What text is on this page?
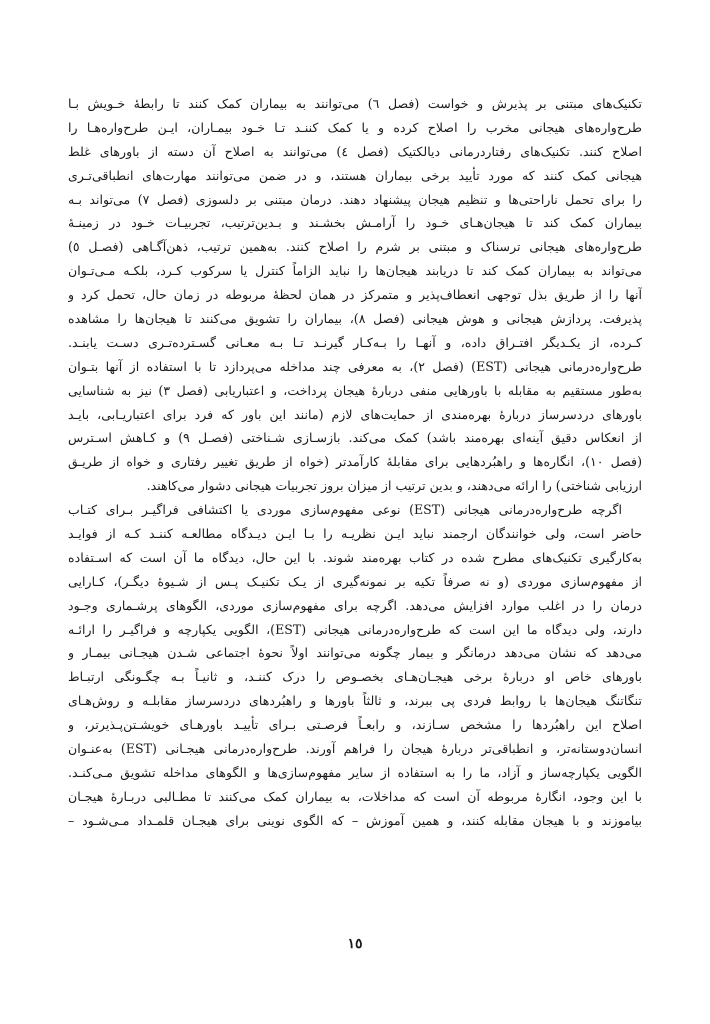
تکنیک‌های مبتنی بر پذیرش و خواست (فصل ٦) می‌توانند به بیماران کمک کنند تا رابطهٔ خـویش بـا
طرح‌واره‌های هیجانی مخرب را اصلاح کرده و یا کمک کننـد تـا خـود بیمـاران، ایـن طرح‌واره‌هـا را
اصلاح کنند. تکنیک‌های رفتاردرمانی دیالکتیک (فصل ٤) می‌توانند به اصلاح آن دسته از باورهای غلط
هیجانی کمک کنند که مورد تأیید برخی بیماران هستند، و در ضمن می‌توانند مهارت‌های انطباقی‌تـری
را برای تحمل ناراحتی‌ها و تنظیم هیجان پیشنهاد دهند. درمان مبتنی بر دلسوزی (فصل ٧) می‌تواند بـه
بیماران کمک کند تا هیجان‌هـای خـود را آرامـش بخشـند و بـدین‌ترتیب، تجربیـات خـود در زمینـهٔ
طرح‌واره‌های هیجانی ترسناک و مبتنی بر شرم را اصلاح کنند. به‌همین ترتیب، ذهن‌آگـاهی (فصـل ٥)
می‌تواند به بیماران کمک کند تا دریابند هیجان‌ها را نباید الزاماً کنترل یا سرکوب کـرد، بلکـه مـی‌تـوان
آنها را از طریق بذل توجهی انعطاف‌پذیر و متمرکز در همان لحظهٔ مربوطه در زمان حال، تحمل کرد و
پذیرفت. پردازش هیجانی و هوش هیجانی (فصل ٨)، بیماران را تشویق می‌کنند تا هیجان‌ها را مشاهده
کـرده، از یکـدیگر افتـراق داده، و آنهـا را بـه‌کـار گیرنـد تـا بـه معـانی گسـترده‌تـری دسـت یابنـد.
طرح‌واره‌درمانی هیجانی (EST) (فصل ٢)، به معرفی چند مداخله می‌پردازد تا با استفاده از آنها بتـوان
به‌طور مستقیم به مقابله با باورهایی منفی دربارهٔ هیجان پرداخت، و اعتباریابی (فصل ٣) نیز به شناسایی
باورهای دردسرساز دربارهٔ بهره‌مندی از حمایت‌های لازم (مانند این باور که فرد برای اعتباریـابی، بایـد
از انعکاس دقیق آینه‌ای بهره‌مند باشد) کمک می‌کند. بازسـازی شـناختی (فصـل ٩) و کـاهش اسـترس
(فصل ١٠)، انگاره‌ها و راهبُردهایی برای مقابلهٔ کارآمدتر (خواه از طریق تغییر رفتاری و خواه از طریـق
ارزیابی شناختی) را ارائه می‌دهند، و بدین ترتیب از میزان بروز تجربیات هیجانی دشوار می‌کاهند.
اگرچه طرح‌واره‌درمانی هیجانی (EST) نوعی مفهوم‌سازی موردی یا اکتشافی فراگیـر بـرای کتـاب
حاضر است، ولی خوانندگان ارجمند نباید ایـن نظریـه را بـا ایـن دیـدگاه مطالعـه کننـد کـه از فوایـد
به‌کارگیری تکنیک‌های مطرح شده در کتاب بهره‌مند شوند. با این حال، دیدگاه ما آن است که اسـتفاده
از مفهوم‌سازی موردی (و نه صرفاً تکیه بر نمونه‌گیری از یـک تکنیـک پـس از شـیوهٔ دیگـر)، کـارایی
درمان را در اغلب موارد افزایش می‌دهد. اگرچه برای مفهوم‌سازی موردی، الگوهای پرشـماری وجـود
دارند، ولی دیدگاه ما این است که طرح‌واره‌درمانی هیجانی (EST)، الگویی یکپارچه و فراگیـر را ارائـه
می‌دهد که نشان می‌دهد درمانگر و بیمار چگونه می‌توانند اولاً نحوهٔ اجتماعی شـدن هیجـانی بیمـار و
باورهای خاص او دربارهٔ برخی هیجـان‌هـای بخصـوص را درک کننـد، و ثانیـاً بـه چگـونگی ارتبـاط
تنگاتنگ هیجان‌ها با روابط فردی پی ببرند، و ثالثاً باورها و راهبُردهای دردسرساز مقابلـه و روش‌هـای
اصلاح این راهبُردها را مشخص سـازند، و رابعـاً فرصـتی بـرای تأییـد باورهـای خویشـتن‌پـذیرتر، و
انسان‌دوستانه‌تر، و انطباقی‌تر دربارهٔ هیجان را فراهم آورند. طرح‌واره‌درمانی هیجـانی (EST) به‌عنـوان
الگویی یکپارچه‌ساز و آزاد، ما را به استفاده از سایر مفهوم‌سازی‌ها و الگوهای مداخله تشویق مـی‌کنـد.
با این وجود، انگارهٔ مربوطه آن است که مداخلات، به بیماران کمک می‌کنند تا مطـالبی دربـارهٔ هیجـان
بیاموزند و با هیجان مقابله کنند، و همین آموزش – که الگوی نوینی برای هیجـان قلمـداد مـی‌شـود –
١٥
